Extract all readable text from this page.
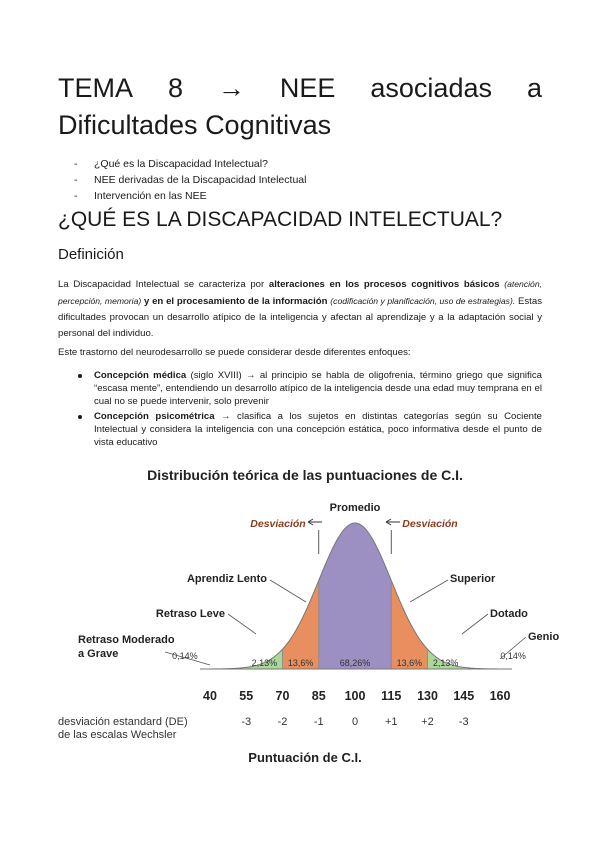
TEMA 8 → NEE asociadas a
Dificultades Cognitivas
- ¿Qué es la Discapacidad Intelectual?
- NEE derivadas de la Discapacidad Intelectual
- Intervención en las NEE
¿QUÉ ES LA DISCAPACIDAD INTELECTUAL?
Definición
La Discapacidad Intelectual se caracteriza por alteraciones en los procesos cognitivos básicos (atención, percepción, memoria) y en el procesamiento de la información (codificación y planificación, uso de estrategias). Estas dificultades provocan un desarrollo atípico de la inteligencia y afectan al aprendizaje y a la adaptación social y personal del individuo.
Este trastorno del neurodesarrollo se puede considerar desde diferentes enfoques:
Concepción médica (siglo XVIII) → al principio se habla de oligofrenia, término griego que significa “escasa mente”, entendiendo un desarrollo atípico de la inteligencia desde una edad muy temprana en el cual no se puede intervenir, solo prevenir
Concepción psicométrica → clasifica a los sujetos en distintas categorías según su Cociente Intelectual y considera la inteligencia con una concepción estática, poco informativa desde el punto de vista educativo
Distribución teórica de las puntuaciones de C.I.
0,14%
2,13% 13,6%	68,26%	13,6% 2,13%
0,14%
Retraso Moderado
a Grave
Retraso Leve
Aprendiz Lento
Promedio
Superior
Dotado
Genio
Desviación	Desviación
40 55 70 85 100 115 130 145 160
desviación estandard (DE)
de las escalas Wechsler
-3 -2 -1	0 +1 +2 -3
Puntuación de C.I.
